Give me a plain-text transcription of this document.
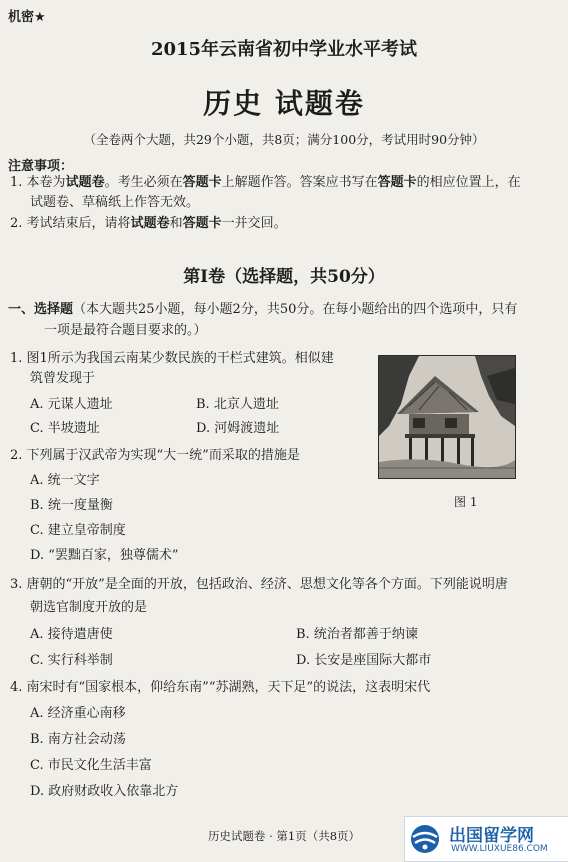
机密★
2015年云南省初中学业水平考试
历史 试题卷
（全卷两个大题，共29个小题，共8页；满分100分，考试用时90分钟）
注意事项：
1. 本卷为试题卷。考生必须在答题卡上解题作答。答案应书写在答题卡的相应位置上，在
试题卷、草稿纸上作答无效。
2. 考试结束后，请将试题卷和答题卡一并交回。
第Ⅰ卷（选择题，共50分）
一、选择题（本大题共25小题，每小题2分，共50分。在每小题给出的四个选项中，只有
一项是最符合题目要求的。）
1. 图1所示为我国云南某少数民族的干栏式建筑。相似建
筑曾发现于
A. 元谋人遗址	B. 北京人遗址
C. 半坡遗址	D. 河姆渡遗址
2. 下列属于汉武帝为实现“大一统”而采取的措施是
A. 统一文字
B. 统一度量衡
C. 建立皇帝制度
D. “罢黜百家，独尊儒术”
3. 唐朝的“开放”是全面的开放，包括政治、经济、思想文化等各个方面。下列能说明唐
朝选官制度开放的是
A. 接待遣唐使	B. 统治者都善于纳谏
C. 实行科举制	D. 长安是座国际大都市
4. 南宋时有“国家根本，仰给东南”“苏湖熟，天下足”的说法，这表明宋代
A. 经济重心南移
B. 南方社会动荡
C. 市民文化生活丰富
D. 政府财政收入依靠北方
图 1
历史试题卷 · 第1页（共8页）	出国留学网
WWW.LIUXUE86.COM
